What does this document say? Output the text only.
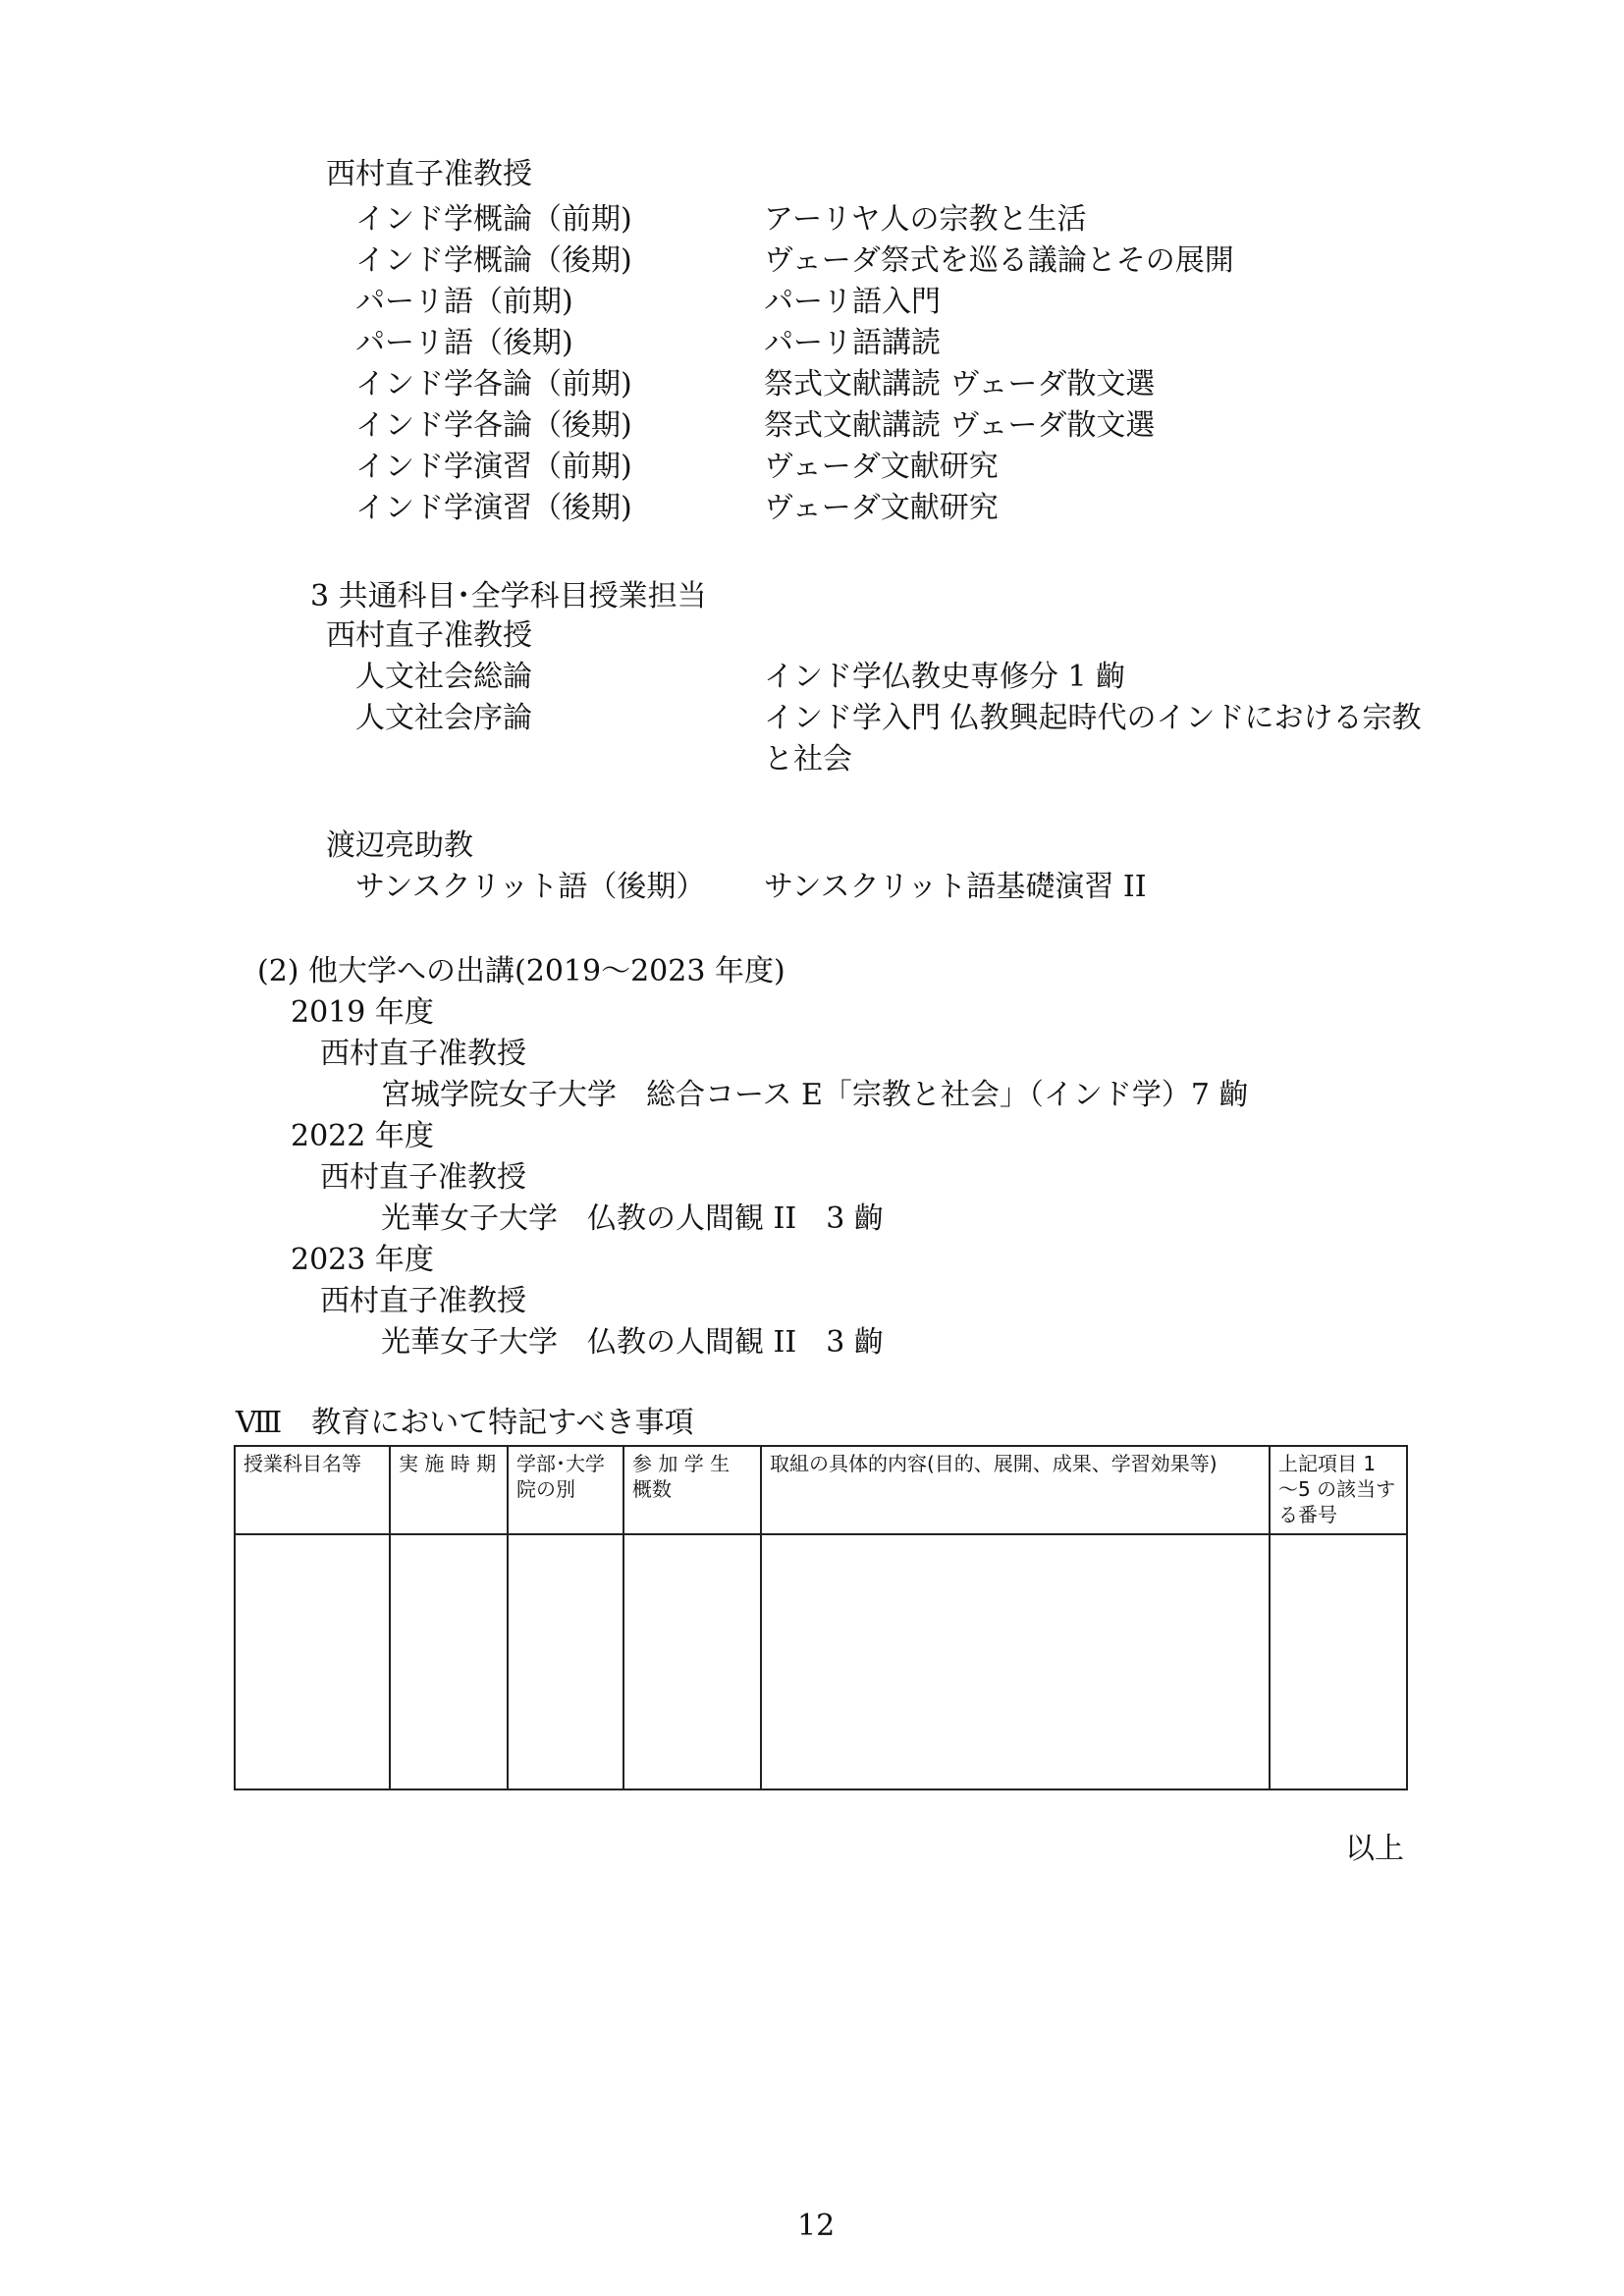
西村直子准教授
インド学概論（前期)	アーリヤ人の宗教と生活
インド学概論（後期)	ヴェーダ祭式を巡る議論とその展開
パーリ語（前期)	パーリ語入門
パーリ語（後期)	パーリ語講読
インド学各論（前期)	祭式文献講読 ヴェーダ散文選
インド学各論（後期)	祭式文献講読 ヴェーダ散文選
インド学演習（前期)	ヴェーダ文献研究
インド学演習（後期)	ヴェーダ文献研究
3 共通科目･全学科目授業担当
西村直子准教授
人文社会総論	インド学仏教史専修分 1 齣
人文社会序論	インド学入門 仏教興起時代のインドにおける宗教
と社会
渡辺亮助教
サンスクリット語（後期） サンスクリット語基礎演習 II
(2) 他大学への出講(2019～2023 年度)
2019 年度
西村直子准教授
宮城学院女子大学　総合コース E「宗教と社会」（インド学）7 齣
2022 年度
西村直子准教授
光華女子大学　仏教の人間観 II　3 齣
2023 年度
西村直子准教授
光華女子大学　仏教の人間観 II　3 齣
Ⅷ　教育において特記すべき事項
授業科目名等	実 施 時 期	学部･大学院の別	参 加 学 生 概数	取組の具体的内容(目的、展開、成果、学習効果等)	上記項目 1 ～5 の該当する番号

以上
12
